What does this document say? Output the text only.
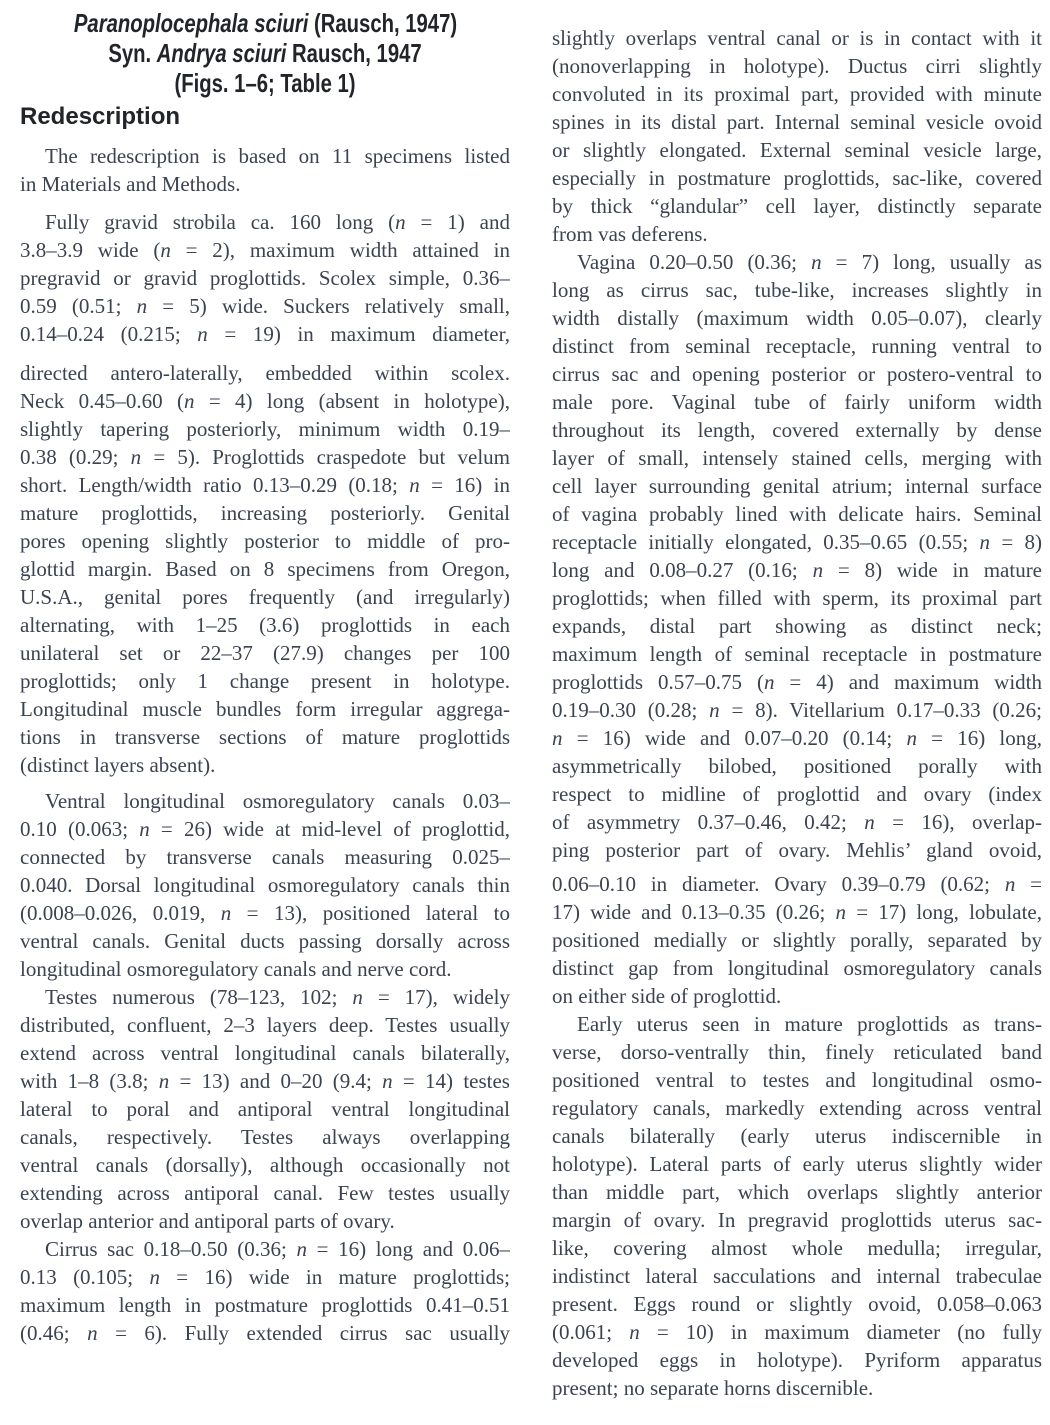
Paranoplocephala sciuri (Rausch, 1947)
Syn. Andrya sciuri Rausch, 1947
(Figs. 1–6; Table 1)
Redescription
The redescription is based on 11 specimens listed
in Materials and Methods.
Fully gravid strobila ca. 160 long (n = 1) and
3.8–3.9 wide (n = 2), maximum width attained in
pregravid or gravid proglottids. Scolex simple, 0.36–
0.59 (0.51; n = 5) wide. Suckers relatively small,
0.14–0.24 (0.215; n = 19) in maximum diameter,
directed antero-laterally, embedded within scolex.
Neck 0.45–0.60 (n = 4) long (absent in holotype),
slightly tapering posteriorly, minimum width 0.19–
0.38 (0.29; n = 5). Proglottids craspedote but velum
short. Length/width ratio 0.13–0.29 (0.18; n = 16) in
mature proglottids, increasing posteriorly. Genital
pores opening slightly posterior to middle of pro-
glottid margin. Based on 8 specimens from Oregon,
U.S.A., genital pores frequently (and irregularly)
alternating, with 1–25 (3.6) proglottids in each
unilateral set or 22–37 (27.9) changes per 100
proglottids; only 1 change present in holotype.
Longitudinal muscle bundles form irregular aggrega-
tions in transverse sections of mature proglottids
(distinct layers absent).
Ventral longitudinal osmoregulatory canals 0.03–
0.10 (0.063; n = 26) wide at mid-level of proglottid,
connected by transverse canals measuring 0.025–
0.040. Dorsal longitudinal osmoregulatory canals thin
(0.008–0.026, 0.019, n = 13), positioned lateral to
ventral canals. Genital ducts passing dorsally across
longitudinal osmoregulatory canals and nerve cord.
Testes numerous (78–123, 102; n = 17), widely
distributed, confluent, 2–3 layers deep. Testes usually
extend across ventral longitudinal canals bilaterally,
with 1–8 (3.8; n = 13) and 0–20 (9.4; n = 14) testes
lateral to poral and antiporal ventral longitudinal
canals, respectively. Testes always overlapping
ventral canals (dorsally), although occasionally not
extending across antiporal canal. Few testes usually
overlap anterior and antiporal parts of ovary.
Cirrus sac 0.18–0.50 (0.36; n = 16) long and 0.06–
0.13 (0.105; n = 16) wide in mature proglottids;
maximum length in postmature proglottids 0.41–0.51
(0.46; n = 6). Fully extended cirrus sac usually
slightly overlaps ventral canal or is in contact with it
(nonoverlapping in holotype). Ductus cirri slightly
convoluted in its proximal part, provided with minute
spines in its distal part. Internal seminal vesicle ovoid
or slightly elongated. External seminal vesicle large,
especially in postmature proglottids, sac-like, covered
by thick “glandular” cell layer, distinctly separate
from vas deferens.
Vagina 0.20–0.50 (0.36; n = 7) long, usually as
long as cirrus sac, tube-like, increases slightly in
width distally (maximum width 0.05–0.07), clearly
distinct from seminal receptacle, running ventral to
cirrus sac and opening posterior or postero-ventral to
male pore. Vaginal tube of fairly uniform width
throughout its length, covered externally by dense
layer of small, intensely stained cells, merging with
cell layer surrounding genital atrium; internal surface
of vagina probably lined with delicate hairs. Seminal
receptacle initially elongated, 0.35–0.65 (0.55; n = 8)
long and 0.08–0.27 (0.16; n = 8) wide in mature
proglottids; when filled with sperm, its proximal part
expands, distal part showing as distinct neck;
maximum length of seminal receptacle in postmature
proglottids 0.57–0.75 (n = 4) and maximum width
0.19–0.30 (0.28; n = 8). Vitellarium 0.17–0.33 (0.26;
n = 16) wide and 0.07–0.20 (0.14; n = 16) long,
asymmetrically bilobed, positioned porally with
respect to midline of proglottid and ovary (index
of asymmetry 0.37–0.46, 0.42; n = 16), overlap-
ping posterior part of ovary. Mehlis’ gland ovoid,
0.06–0.10 in diameter. Ovary 0.39–0.79 (0.62; n =
17) wide and 0.13–0.35 (0.26; n = 17) long, lobulate,
positioned medially or slightly porally, separated by
distinct gap from longitudinal osmoregulatory canals
on either side of proglottid.
Early uterus seen in mature proglottids as trans-
verse, dorso-ventrally thin, finely reticulated band
positioned ventral to testes and longitudinal osmo-
regulatory canals, markedly extending across ventral
canals bilaterally (early uterus indiscernible in
holotype). Lateral parts of early uterus slightly wider
than middle part, which overlaps slightly anterior
margin of ovary. In pregravid proglottids uterus sac-
like, covering almost whole medulla; irregular,
indistinct lateral sacculations and internal trabeculae
present. Eggs round or slightly ovoid, 0.058–0.063
(0.061; n = 10) in maximum diameter (no fully
developed eggs in holotype). Pyriform apparatus
present; no separate horns discernible.
